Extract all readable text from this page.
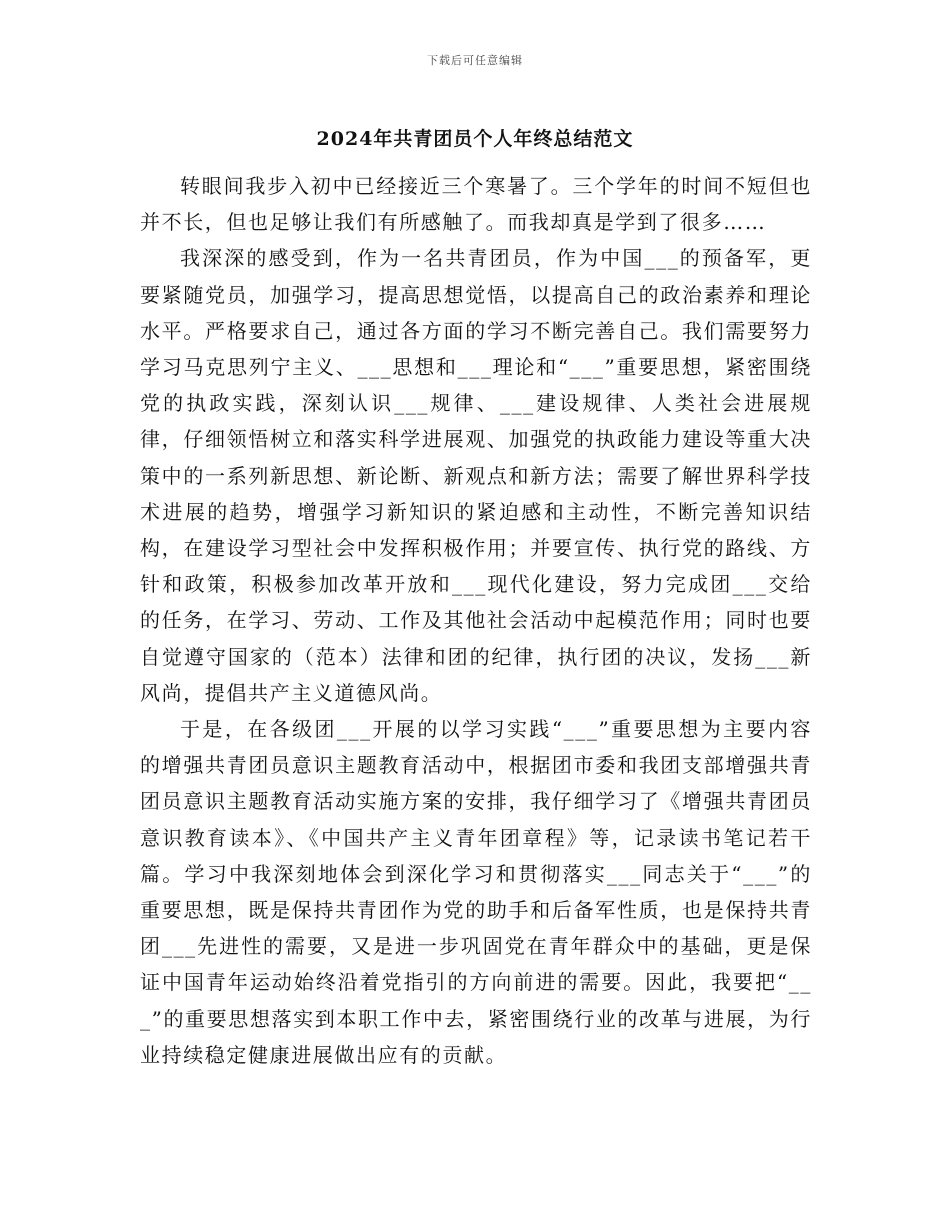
下载后可任意编辑
2024年共青团员个人年终总结范文

转眼间我步入初中已经接近三个寒暑了。三个学年的时间不短但也并不长，但也足够让我们有所感触了。而我却真是学到了很多……

我深深的感受到，作为一名共青团员，作为中国___的预备军，更要紧随党员，加强学习，提高思想觉悟，以提高自己的政治素养和理论水平。严格要求自己，通过各方面的学习不断完善自己。我们需要努力学习马克思列宁主义、___思想和___理论和“___”重要思想，紧密围绕党的执政实践，深刻认识___规律、___建设规律、人类社会进展规律，仔细领悟树立和落实科学进展观、加强党的执政能力建设等重大决策中的一系列新思想、新论断、新观点和新方法；需要了解世界科学技术进展的趋势，增强学习新知识的紧迫感和主动性，不断完善知识结构，在建设学习型社会中发挥积极作用；并要宣传、执行党的路线、方针和政策，积极参加改革开放和___现代化建设，努力完成团___交给的任务，在学习、劳动、工作及其他社会活动中起模范作用；同时也要自觉遵守国家的（范本）法律和团的纪律，执行团的决议，发扬___新风尚，提倡共产主义道德风尚。

于是，在各级团___开展的以学习实践“___”重要思想为主要内容的增强共青团员意识主题教育活动中，根据团市委和我团支部增强共青团员意识主题教育活动实施方案的安排，我仔细学习了《增强共青团员意识教育读本》、《中国共产主义青年团章程》等，记录读书笔记若干篇。学习中我深刻地体会到深化学习和贯彻落实___同志关于“___”的重要思想，既是保持共青团作为党的助手和后备军性质，也是保持共青团___先进性的需要，又是进一步巩固党在青年群众中的基础，更是保证中国青年运动始终沿着党指引的方向前进的需要。因此，我要把“___”的重要思想落实到本职工作中去，紧密围绕行业的改革与进展，为行业持续稳定健康进展做出应有的贡献。
